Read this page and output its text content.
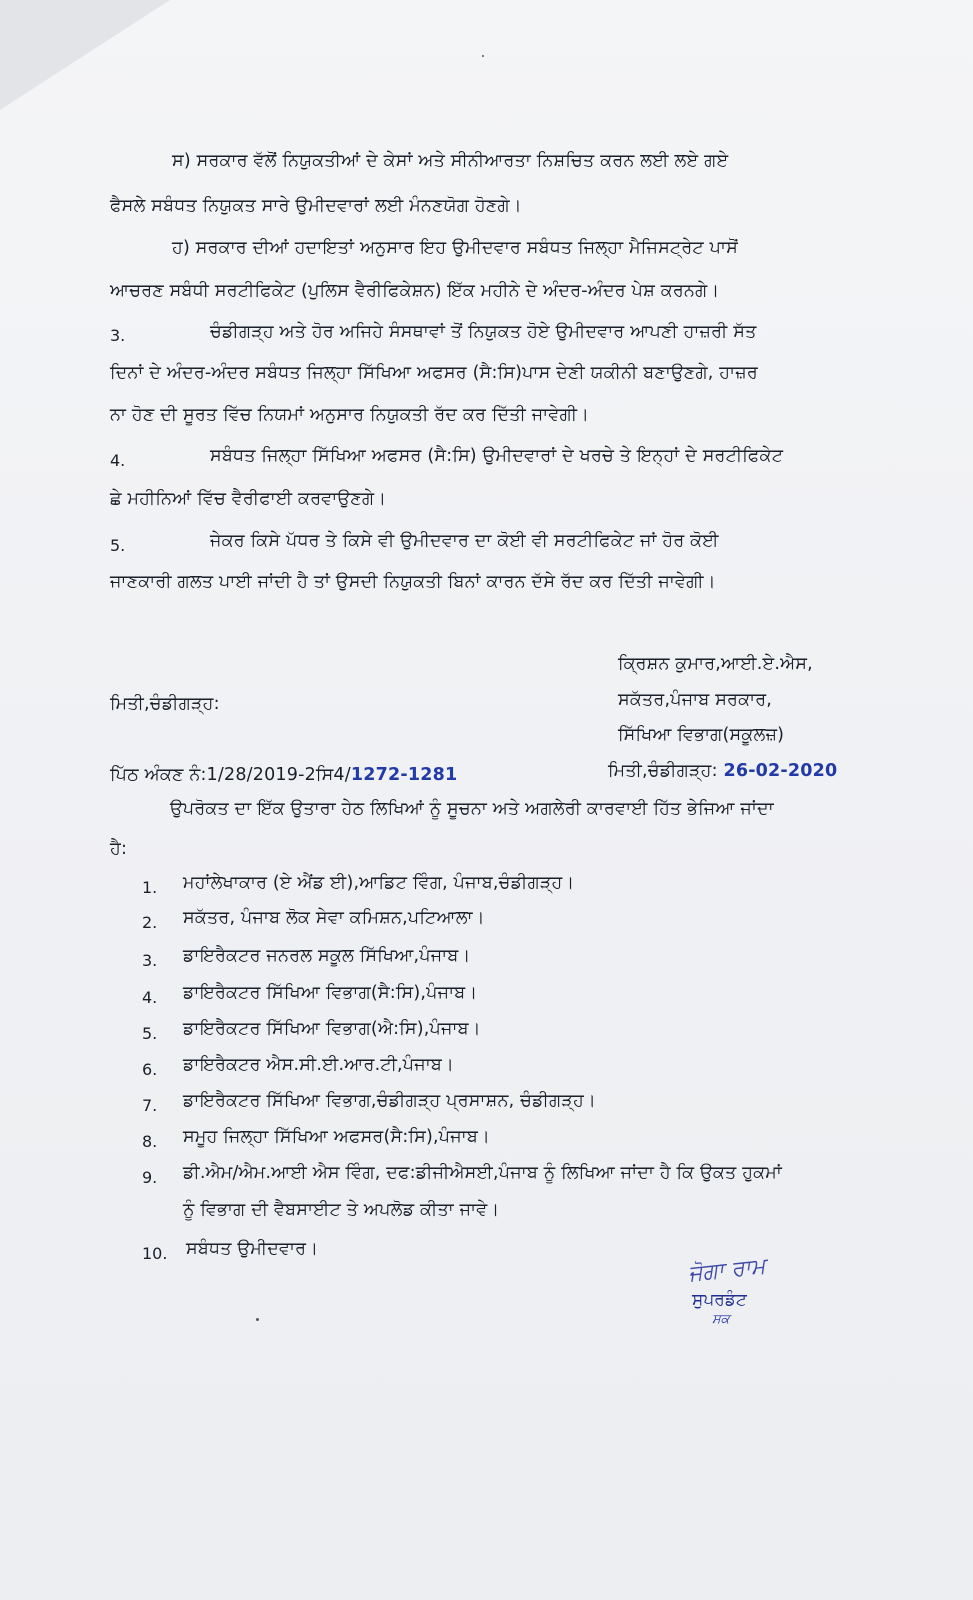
ਸ) ਸਰਕਾਰ ਵੱਲੋਂ ਨਿਯੁਕਤੀਆਂ ਦੇ ਕੇਸਾਂ ਅਤੇ ਸੀਨੀਆਰਤਾ ਨਿਸ਼ਚਿਤ ਕਰਨ ਲਈ ਲਏ ਗਏ
ਫੈਸਲੇ ਸਬੰਧਤ ਨਿਯੁਕਤ ਸਾਰੇ ਉਮੀਦਵਾਰਾਂ ਲਈ ਮੰਨਣਯੋਗ ਹੋਣਗੇ।
ਹ) ਸਰਕਾਰ ਦੀਆਂ ਹਦਾਇਤਾਂ ਅਨੁਸਾਰ ਇਹ ਉਮੀਦਵਾਰ ਸਬੰਧਤ ਜਿਲ੍ਹਾ ਮੈਜਿਸਟ੍ਰੇਟ ਪਾਸੋਂ
ਆਚਰਣ ਸਬੰਧੀ ਸਰਟੀਫਿਕੇਟ (ਪੁਲਿਸ ਵੈਰੀਫਿਕੇਸ਼ਨ) ਇੱਕ ਮਹੀਨੇ ਦੇ ਅੰਦਰ-ਅੰਦਰ ਪੇਸ਼ ਕਰਨਗੇ।
3.	ਚੰਡੀਗੜ੍ਹ ਅਤੇ ਹੋਰ ਅਜਿਹੇ ਸੰਸਥਾਵਾਂ ਤੋਂ ਨਿਯੁਕਤ ਹੋਏ ਉਮੀਦਵਾਰ ਆਪਣੀ ਹਾਜ਼ਰੀ ਸੱਤ
ਦਿਨਾਂ ਦੇ ਅੰਦਰ-ਅੰਦਰ ਸਬੰਧਤ ਜਿਲ੍ਹਾ ਸਿੱਖਿਆ ਅਫਸਰ (ਸੈ:ਸਿ)ਪਾਸ ਦੇਣੀ ਯਕੀਨੀ ਬਣਾਉਣਗੇ, ਹਾਜ਼ਰ
ਨਾ ਹੋਣ ਦੀ ਸੂਰਤ ਵਿੱਚ ਨਿਯਮਾਂ ਅਨੁਸਾਰ ਨਿਯੁਕਤੀ ਰੱਦ ਕਰ ਦਿੱਤੀ ਜਾਵੇਗੀ।
4.	ਸਬੰਧਤ ਜਿਲ੍ਹਾ ਸਿੱਖਿਆ ਅਫਸਰ (ਸੈ:ਸਿ) ਉਮੀਦਵਾਰਾਂ ਦੇ ਖਰਚੇ ਤੇ ਇਨ੍ਹਾਂ ਦੇ ਸਰਟੀਫਿਕੇਟ
ਛੇ ਮਹੀਨਿਆਂ ਵਿੱਚ ਵੈਰੀਫਾਈ ਕਰਵਾਉਣਗੇ।
5.	ਜੇਕਰ ਕਿਸੇ ਪੱਧਰ ਤੇ ਕਿਸੇ ਵੀ ਉਮੀਦਵਾਰ ਦਾ ਕੋਈ ਵੀ ਸਰਟੀਫਿਕੇਟ ਜਾਂ ਹੋਰ ਕੋਈ
ਜਾਣਕਾਰੀ ਗਲਤ ਪਾਈ ਜਾਂਦੀ ਹੈ ਤਾਂ ਉਸਦੀ ਨਿਯੁਕਤੀ ਬਿਨਾਂ ਕਾਰਨ ਦੱਸੇ ਰੱਦ ਕਰ ਦਿੱਤੀ ਜਾਵੇਗੀ।
ਕ੍ਰਿਸ਼ਨ ਕੁਮਾਰ,ਆਈ.ਏ.ਐਸ,
ਮਿਤੀ,ਚੰਡੀਗੜ੍ਹ:	ਸਕੱਤਰ,ਪੰਜਾਬ ਸਰਕਾਰ,
ਸਿੱਖਿਆ ਵਿਭਾਗ(ਸਕੂਲਜ਼)
ਪਿੱਠ ਅੰਕਣ ਨੰ:1/28/2019-2ਸਿ4/1272-1281	ਮਿਤੀ,ਚੰਡੀਗੜ੍ਹ: 26-02-2020
ਉਪਰੋਕਤ ਦਾ ਇੱਕ ਉਤਾਰਾ ਹੇਠ ਲਿਖਿਆਂ ਨੂੰ ਸੂਚਨਾ ਅਤੇ ਅਗਲੇਰੀ ਕਾਰਵਾਈ ਹਿੱਤ ਭੇਜਿਆ ਜਾਂਦਾ
ਹੈ:
1. ਮਹਾਂਲੇਖਾਕਾਰ (ਏ ਐਂਡ ਈ),ਆਡਿਟ ਵਿੰਗ, ਪੰਜਾਬ,ਚੰਡੀਗੜ੍ਹ।
2. ਸਕੱਤਰ, ਪੰਜਾਬ ਲੋਕ ਸੇਵਾ ਕਮਿਸ਼ਨ,ਪਟਿਆਲਾ।
3. ਡਾਇਰੈਕਟਰ ਜਨਰਲ ਸਕੂਲ ਸਿੱਖਿਆ,ਪੰਜਾਬ।
4. ਡਾਇਰੈਕਟਰ ਸਿੱਖਿਆ ਵਿਭਾਗ(ਸੈ:ਸਿ),ਪੰਜਾਬ।
5. ਡਾਇਰੈਕਟਰ ਸਿੱਖਿਆ ਵਿਭਾਗ(ਐ:ਸਿ),ਪੰਜਾਬ।
6. ਡਾਇਰੈਕਟਰ ਐਸ.ਸੀ.ਈ.ਆਰ.ਟੀ,ਪੰਜਾਬ।
7. ਡਾਇਰੈਕਟਰ ਸਿੱਖਿਆ ਵਿਭਾਗ,ਚੰਡੀਗੜ੍ਹ ਪ੍ਰਸਾਸ਼ਨ, ਚੰਡੀਗੜ੍ਹ।
8. ਸਮੂਹ ਜਿਲ੍ਹਾ ਸਿੱਖਿਆ ਅਫਸਰ(ਸੈ:ਸਿ),ਪੰਜਾਬ।
9. ਡੀ.ਐਮ/ਐਮ.ਆਈ ਐਸ ਵਿੰਗ, ਦਫ:ਡੀਜੀਐਸਈ,ਪੰਜਾਬ ਨੂੰ ਲਿਖਿਆ ਜਾਂਦਾ ਹੈ ਕਿ ਉਕਤ ਹੁਕਮਾਂ
ਨੂੰ ਵਿਭਾਗ ਦੀ ਵੈਬਸਾਈਟ ਤੇ ਅਪਲੋਡ ਕੀਤਾ ਜਾਵੇ।
10. ਸਬੰਧਤ ਉਮੀਦਵਾਰ।
ਜੋਗਾ ਰਾਮ
ਸੁਪਰਡੰਟ
ਸਕ
